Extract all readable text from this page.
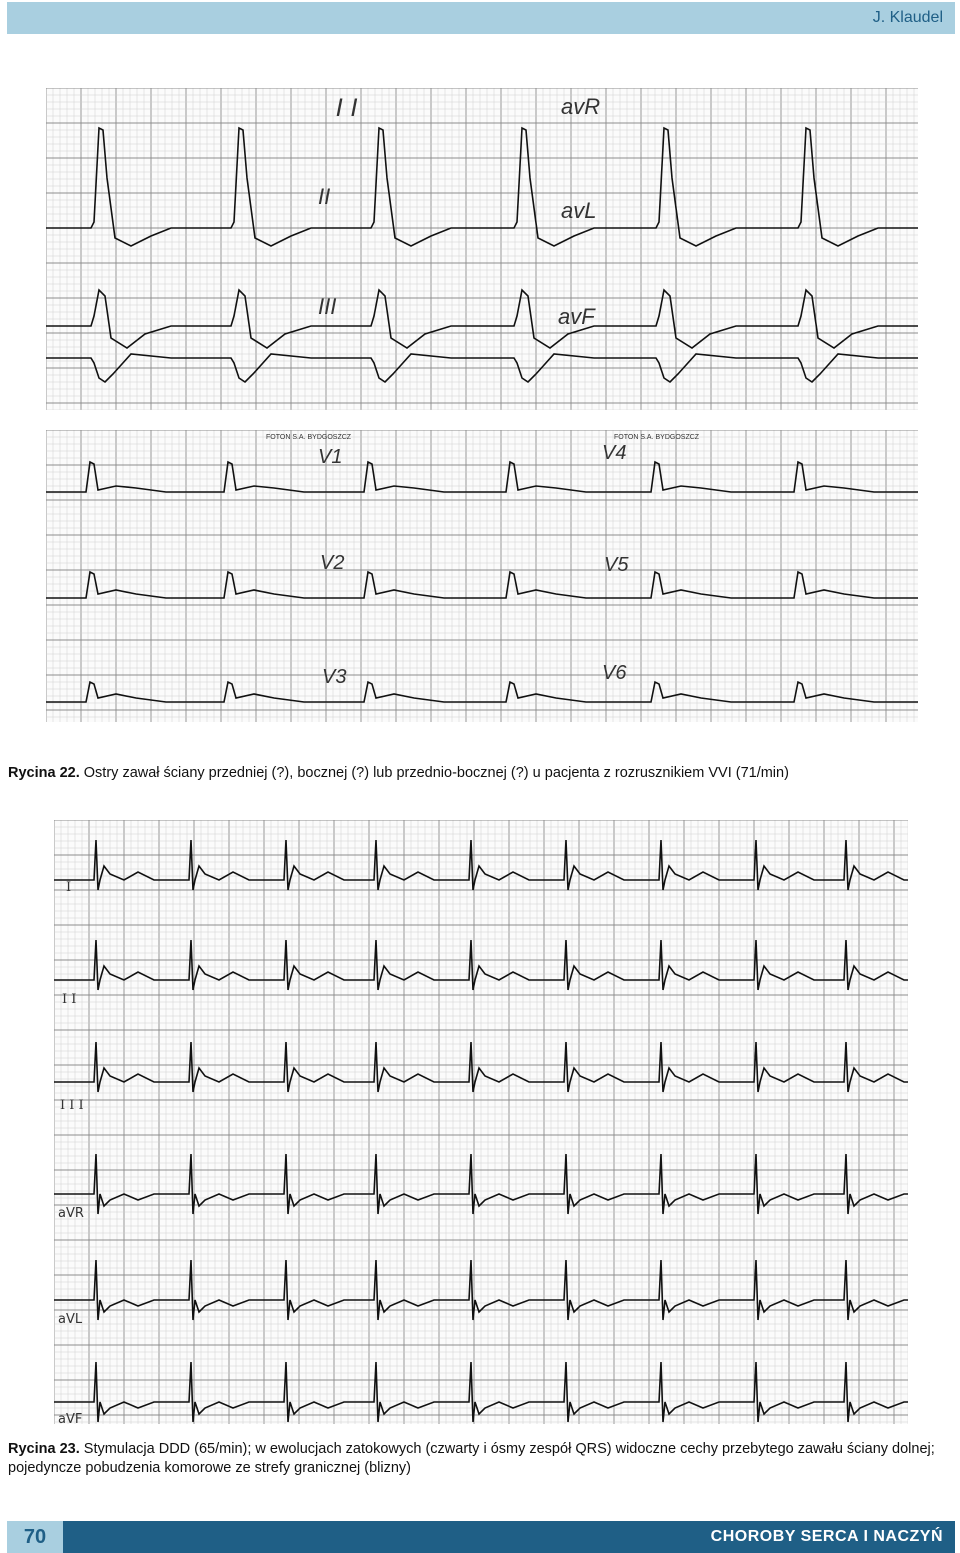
J. Klaudel
I I
II
III
avR
avL
avF
FOTON S.A. BYDGOSZCZ	FOTON S.A. BYDGOSZCZ
V1
V2
V3
V4
V5
V6
Rycina 22. Ostry zawał ściany przedniej (?), bocznej (?) lub przednio-bocznej (?) u pacjenta z rozrusznikiem VVI (71/min)
I
I I
I I I
aVR
aVL
aVF
Rycina 23. Stymulacja DDD (65/min); w ewolucjach zatokowych (czwarty i ósmy zespół QRS) widoczne cechy przebytego zawału ściany dolnej; pojedyncze pobudzenia komorowe ze strefy granicznej (blizny)
70	CHOROBY SERCA I NACZYŃ
